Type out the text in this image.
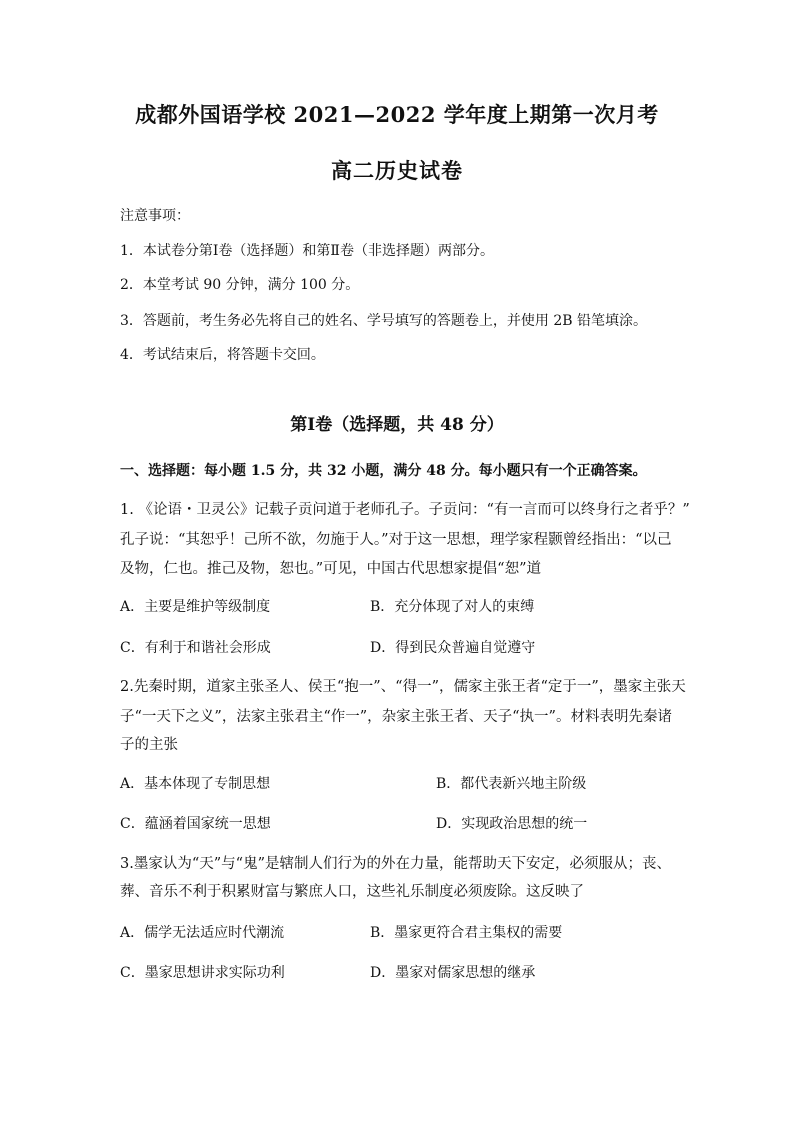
成都外国语学校 2021—2022 学年度上期第一次月考
高二历史试卷
注意事项：
1．本试卷分第Ⅰ卷（选择题）和第Ⅱ卷（非选择题）两部分。
2．本堂考试 90 分钟，满分 100 分。
3．答题前，考生务必先将自己的姓名、学号填写的答题卷上，并使用 2B 铅笔填涂。
4．考试结束后，将答题卡交回。
第Ⅰ卷（选择题，共 48 分）
一、选择题：每小题 1.5 分，共 32 小题，满分 48 分。每小题只有一个正确答案。
1. 《论语・卫灵公》记载子贡问道于老师孔子。子贡问：“有一言而可以终身行之者乎？”
孔子说：“其恕乎！己所不欲，勿施于人。”对于这一思想，理学家程颢曾经指出：“以己
及物，仁也。推己及物，恕也。”可见，中国古代思想家提倡“恕”道
A．主要是维护等级制度	B．充分体现了对人的束缚
C．有利于和谐社会形成	D．得到民众普遍自觉遵守
2.先秦时期，道家主张圣人、侯王“抱一”、“得一”，儒家主张王者“定于一”，墨家主张天
子“一天下之义”，法家主张君主“作一”，杂家主张王者、天子“执一”。材料表明先秦诸
子的主张
A．基本体现了专制思想	B．都代表新兴地主阶级
C．蕴涵着国家统一思想	D．实现政治思想的统一
3.墨家认为“天”与“鬼”是辖制人们行为的外在力量，能帮助天下安定，必须服从；丧、
葬、音乐不利于积累财富与繁庶人口，这些礼乐制度必须废除。这反映了
A．儒学无法适应时代潮流	B．墨家更符合君主集权的需要
C．墨家思想讲求实际功利	D．墨家对儒家思想的继承
